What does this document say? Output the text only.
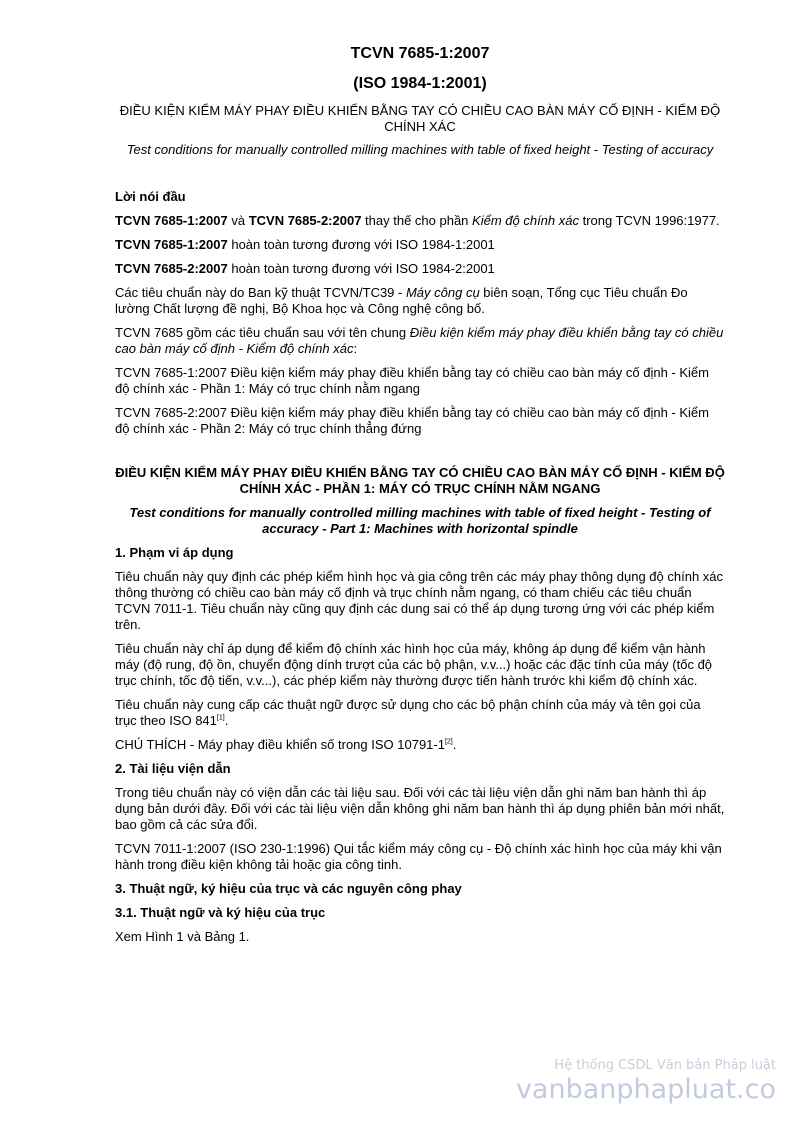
TCVN 7685-1:2007
(ISO 1984-1:2001)
ĐIỀU KIỆN KIỂM MÁY PHAY ĐIỀU KHIỂN BẰNG TAY CÓ CHIỀU CAO BÀN MÁY CỐ ĐỊNH - KIỂM ĐỘ CHÍNH XÁC
Test conditions for manually controlled milling machines with table of fixed height - Testing of accuracy
Lời nói đầu

TCVN 7685-1:2007 và TCVN 7685-2:2007 thay thế cho phần Kiểm độ chính xác trong TCVN 1996:1977.

TCVN 7685-1:2007 hoàn toàn tương đương với ISO 1984-1:2001

TCVN 7685-2:2007 hoàn toàn tương đương với ISO 1984-2:2001

Các tiêu chuẩn này do Ban kỹ thuật TCVN/TC39 - Máy công cụ biên soạn, Tổng cục Tiêu chuẩn Đo lường Chất lượng đề nghị, Bộ Khoa học và Công nghệ công bố.

TCVN 7685 gồm các tiêu chuẩn sau với tên chung Điều kiện kiểm máy phay điều khiển bằng tay có chiều cao bàn máy cố định - Kiểm độ chính xác:

TCVN 7685-1:2007 Điều kiện kiểm máy phay điều khiển bằng tay có chiều cao bàn máy cố định - Kiểm độ chính xác - Phần 1: Máy có trục chính nằm ngang

TCVN 7685-2:2007 Điều kiện kiểm máy phay điều khiển bằng tay có chiều cao bàn máy cố định - Kiểm độ chính xác - Phần 2: Máy có trục chính thẳng đứng

ĐIỀU KIỆN KIỂM MÁY PHAY ĐIỀU KHIỂN BẰNG TAY CÓ CHIỀU CAO BÀN MÁY CỐ ĐỊNH - KIỂM ĐỘ CHÍNH XÁC - PHẦN 1: MÁY CÓ TRỤC CHÍNH NẰM NGANG
Test conditions for manually controlled milling machines with table of fixed height - Testing of accuracy - Part 1: Machines with horizontal spindle
1. Phạm vi áp dụng

Tiêu chuẩn này quy định các phép kiểm hình học và gia công trên các máy phay thông dụng độ chính xác thông thường có chiều cao bàn máy cố định và trục chính nằm ngang, có tham chiếu các tiêu chuẩn TCVN 7011-1. Tiêu chuẩn này cũng quy định các dung sai có thể áp dụng tương ứng với các phép kiểm trên.

Tiêu chuẩn này chỉ áp dụng để kiểm độ chính xác hình học của máy, không áp dụng để kiểm vận hành máy (độ rung, độ ồn, chuyển động dính trượt của các bộ phận, v.v...) hoặc các đặc tính của máy (tốc độ trục chính, tốc độ tiến, v.v...), các phép kiểm này thường được tiến hành trước khi kiểm độ chính xác.

Tiêu chuẩn này cung cấp các thuật ngữ được sử dụng cho các bộ phận chính của máy và tên gọi của trục theo ISO 841[1].

CHÚ THÍCH - Máy phay điều khiển số trong ISO 10791-1[2].

2. Tài liệu viện dẫn

Trong tiêu chuẩn này có viện dẫn các tài liệu sau. Đối với các tài liệu viện dẫn ghi năm ban hành thì áp dụng bản dưới đây. Đối với các tài liệu viện dẫn không ghi năm ban hành thì áp dụng phiên bản mới nhất, bao gồm cả các sửa đổi.

TCVN 7011-1:2007 (ISO 230-1:1996) Qui tắc kiểm máy công cụ - Độ chính xác hình học của máy khi vận hành trong điều kiện không tải hoặc gia công tinh.

3. Thuật ngữ, ký hiệu của trục và các nguyên công phay
3.1. Thuật ngữ và ký hiệu của trục

Xem Hình 1 và Bảng 1.

Hệ thống CSDL Văn bản Pháp luật
vanbanphapluat.co
